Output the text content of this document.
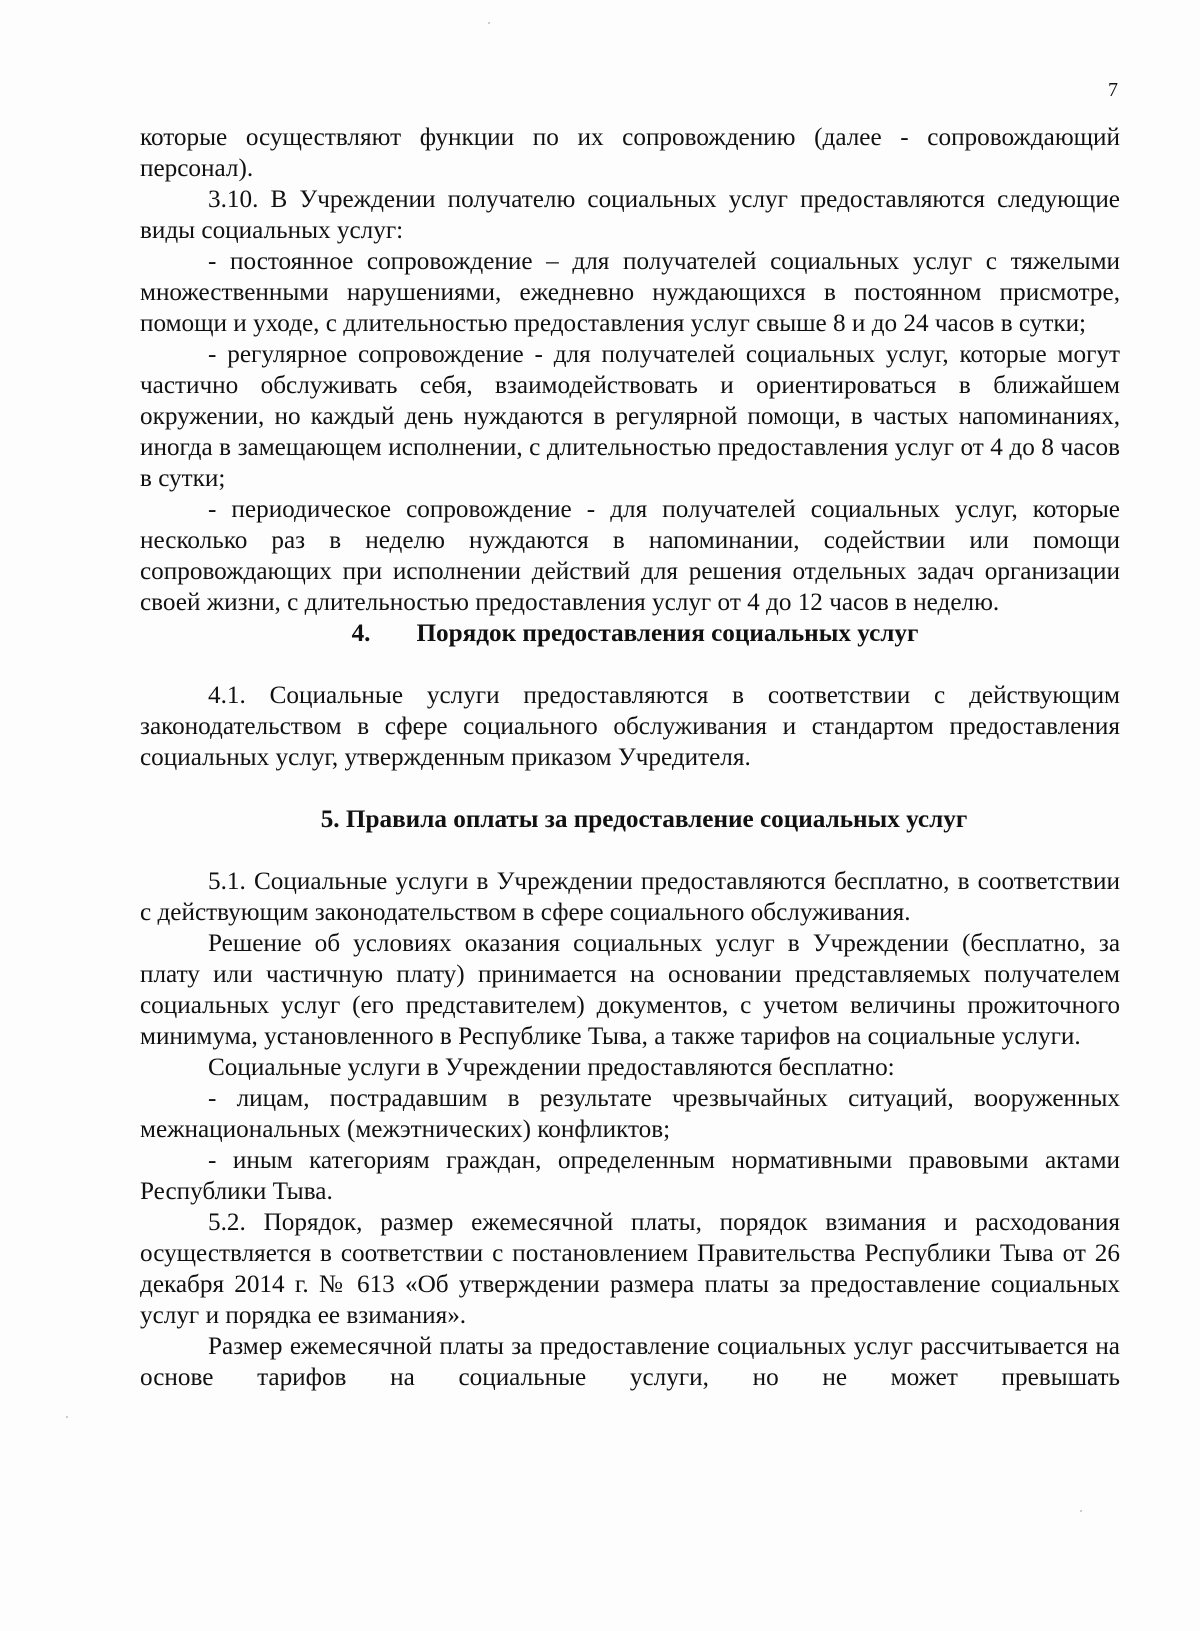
7

которые осуществляют функции по их сопровождению (далее - сопровождающий персонал).

3.10. В Учреждении получателю социальных услуг предоставляются следующие виды социальных услуг:

- постоянное сопровождение – для получателей социальных услуг с тяжелыми множественными нарушениями, ежедневно нуждающихся в постоянном присмотре, помощи и уходе, с длительностью предоставления услуг свыше 8 и до 24 часов в сутки;

- регулярное сопровождение - для получателей социальных услуг, которые могут частично обслуживать себя, взаимодействовать и ориентироваться в ближайшем окружении, но каждый день нуждаются в регулярной помощи, в частых напоминаниях, иногда в замещающем исполнении, с длительностью предоставления услуг от 4 до 8 часов в сутки;

- периодическое сопровождение - для получателей социальных услуг, которые несколько раз в неделю нуждаются в напоминании, содействии или помощи сопровождающих при исполнении действий для решения отдельных задач организации своей жизни, с длительностью предоставления услуг от 4 до 12 часов в неделю.

4. Порядок предоставления социальных услуг

4.1. Социальные услуги предоставляются в соответствии с действующим законодательством в сфере социального обслуживания и стандартом предоставления социальных услуг, утвержденным приказом Учредителя.

5. Правила оплаты за предоставление социальных услуг

5.1. Социальные услуги в Учреждении предоставляются бесплатно, в соответствии с действующим законодательством в сфере социального обслуживания.

Решение об условиях оказания социальных услуг в Учреждении (бесплатно, за плату или частичную плату) принимается на основании представляемых получателем социальных услуг (его представителем) документов, с учетом величины прожиточного минимума, установленного в Республике Тыва, а также тарифов на социальные услуги.

Социальные услуги в Учреждении предоставляются бесплатно:

- лицам, пострадавшим в результате чрезвычайных ситуаций, вооруженных межнациональных (межэтнических) конфликтов;

- иным категориям граждан, определенным нормативными правовыми актами Республики Тыва.

5.2. Порядок, размер ежемесячной платы, порядок взимания и расходования осуществляется в соответствии с постановлением Правительства Республики Тыва от 26 декабря 2014 г. № 613 «Об утверждении размера платы за предоставление социальных услуг и порядка ее взимания».

Размер ежемесячной платы за предоставление социальных услуг рассчитывается на основе тарифов на социальные услуги, но не может превышать
